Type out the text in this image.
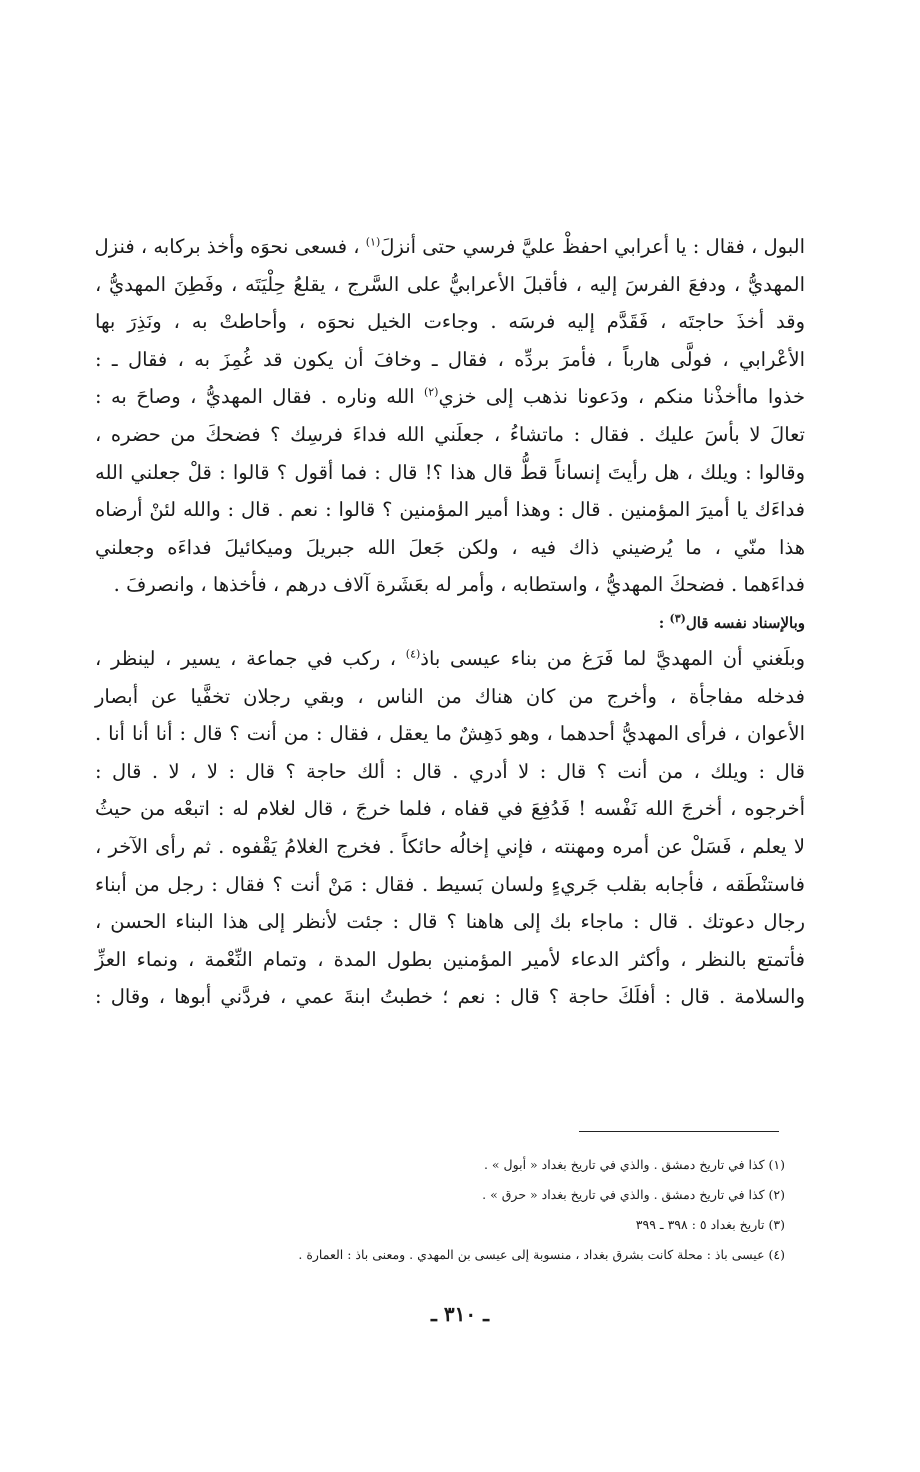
البول ، فقال : يا أعرابي احفظْ عليَّ فرسي حتى أنزلَ$^{(١)}$ ، فسعى نحوَه وأخذ بركابه ، فنزل
المهديُّ ، ودفعَ الفرسَ إليه ، فأقبلَ الأعرابيُّ على السَّرج ، يقلعُ حِلْيَتَه ، وفَطِنَ المهديُّ ،
وقد أخذَ حاجتَه ، فَقَدَّم إليه فرسَه . وجاءت الخيل نحوَه ، وأحاطتْ به ، ونَذِرَ بها
الأعْرابي ، فولَّى هارباً ، فأمرَ بردِّه ، فقال ـ وخافَ أن يكون قد غُمِزَ به ، فقال ـ :
خذوا ماأخذْنا منكم ، ودَعونا نذهب إلى خزي$^{(٢)}$ الله وناره . فقال المهديُّ ، وصاحَ به :
تعالَ لا بأسَ عليك . فقال : ماتشاءُ ، جعلَني الله فداءَ فرسِك ؟ فضحكَ من حضره ،
وقالوا : ويلك ، هل رأيتَ إنساناً قطُّ قال هذا ؟! قال : فما أقول ؟ قالوا : قلْ جعلني الله
فداءَك يا أميرَ المؤمنين . قال : وهذا أمير المؤمنين ؟ قالوا : نعم . قال : والله لئنْ أرضاه
هذا منّي ، ما يُرضيني ذاك فيه ، ولكن جَعلَ الله جبريلَ وميكائيلَ فداءَه وجعلني
فداءَهما . فضحكَ المهديُّ ، واستطابه ، وأمر له بعَشَرة آلاف درهم ، فأخذها ، وانصرفَ .

وبالإسناد نفسه قال$^{(٣)}$ :

وبلَغني أن المهديَّ لما فَرَغ من بناء عيسى باذ$^{(٤)}$ ، ركب في جماعة ، يسير ، لينظر ،
فدخله مفاجأة ، وأخرج من كان هناك من الناس ، وبقي رجلان تخفَّيا عن أبصار
الأعوان ، فرأى المهديُّ أحدهما ، وهو دَهِشٌ ما يعقل ، فقال : من أنت ؟ قال : أنا أنا أنا .
قال : ويلك ، من أنت ؟ قال : لا أدري . قال : ألك حاجة ؟ قال : لا ، لا . قال :
أخرجوه ، أخرجَ الله نَفْسه ! فَدُفِعَ في قفاه ، فلما خرجَ ، قال لغلام له : اتبعْه من حيثُ
لا يعلم ، فَسَلْ عن أمره ومهنته ، فإني إخالُه حائكاً . فخرج الغلامُ يَقْفوه . ثم رأى الآخر ،
فاستنْطَقه ، فأجابه بقلب جَريءٍ ولسان بَسيط . فقال : مَنْ أنت ؟ فقال : رجل من أبناء
رجال دعوتك . قال : ماجاء بك إلى هاهنا ؟ قال : جئت لأنظر إلى هذا البناء الحسن ،
فأتمتع بالنظر ، وأكثر الدعاء لأمير المؤمنين بطول المدة ، وتمام النِّعْمة ، ونماء العزِّ
والسلامة . قال : أفلَكَ حاجة ؟ قال : نعم ؛ خطبتُ ابنةَ عمي ، فردَّني أبوها ، وقال :

(١) كذا في تاريخ دمشق . والذي في تاريخ بغداد « أبول » .
(٢) كذا في تاريخ دمشق . والذي في تاريخ بغداد « حرق » .
(٣) تاريخ بغداد ٥ : ٣٩٨ ـ ٣٩٩
(٤) عيسى باذ : محلة كانت بشرق بغداد ، منسوبة إلى عيسى بن المهدي . ومعنى باذ : العمارة .
ـ ٣١٠ ـ
